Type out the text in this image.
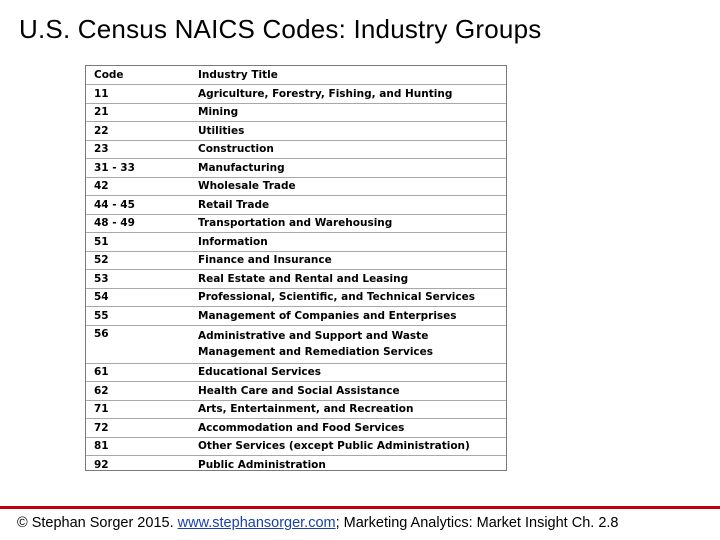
U.S. Census NAICS Codes: Industry Groups
Code	Industry Title
11	Agriculture, Forestry, Fishing, and Hunting
21	Mining
22	Utilities
23	Construction
31 - 33	Manufacturing
42	Wholesale Trade
44 - 45	Retail Trade
48 - 49	Transportation and Warehousing
51	Information
52	Finance and Insurance
53	Real Estate and Rental and Leasing
54	Professional, Scientific, and Technical Services
55	Management of Companies and Enterprises
56	Administrative and Support and Waste
Management and Remediation Services

61	Educational Services
62	Health Care and Social Assistance
71	Arts, Entertainment, and Recreation
72	Accommodation and Food Services
81	Other Services (except Public Administration)
92	Public Administration
© Stephan Sorger 2015. www.stephansorger.com; Marketing Analytics: Market Insight Ch. 2.8
